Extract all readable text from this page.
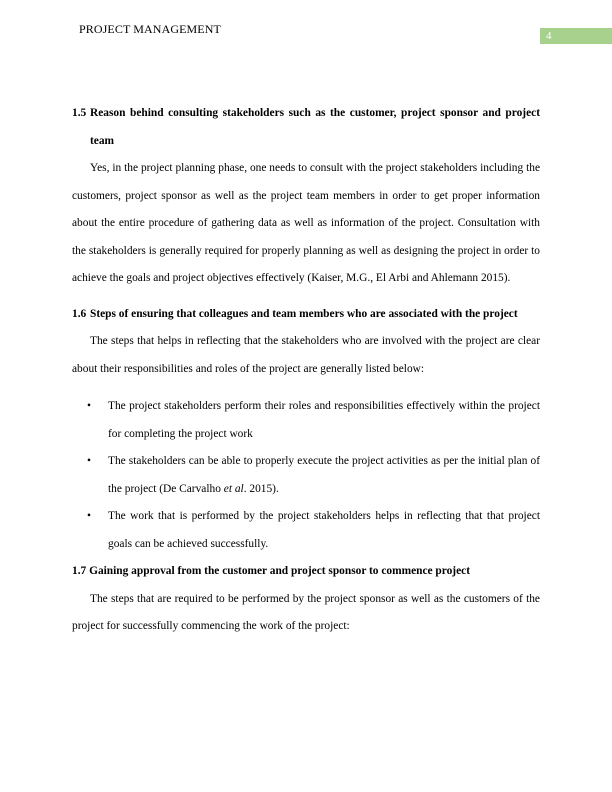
PROJECT MANAGEMENT	4
1.5 Reason behind consulting stakeholders such as the customer, project sponsor and project team

Yes, in the project planning phase, one needs to consult with the project stakeholders including the customers, project sponsor as well as the project team members in order to get proper information about the entire procedure of gathering data as well as information of the project. Consultation with the stakeholders is generally required for properly planning as well as designing the project in order to achieve the goals and project objectives effectively (Kaiser, M.G., El Arbi and Ahlemann 2015).

1.6 Steps of ensuring that colleagues and team members who are associated with the project

The steps that helps in reflecting that the stakeholders who are involved with the project are clear about their responsibilities and roles of the project are generally listed below:

• The project stakeholders perform their roles and responsibilities effectively within the project for completing the project work
• The stakeholders can be able to properly execute the project activities as per the initial plan of the project (De Carvalho et al. 2015).
• The work that is performed by the project stakeholders helps in reflecting that that project goals can be achieved successfully.

1.7 Gaining approval from the customer and project sponsor to commence project

The steps that are required to be performed by the project sponsor as well as the customers of the project for successfully commencing the work of the project:
